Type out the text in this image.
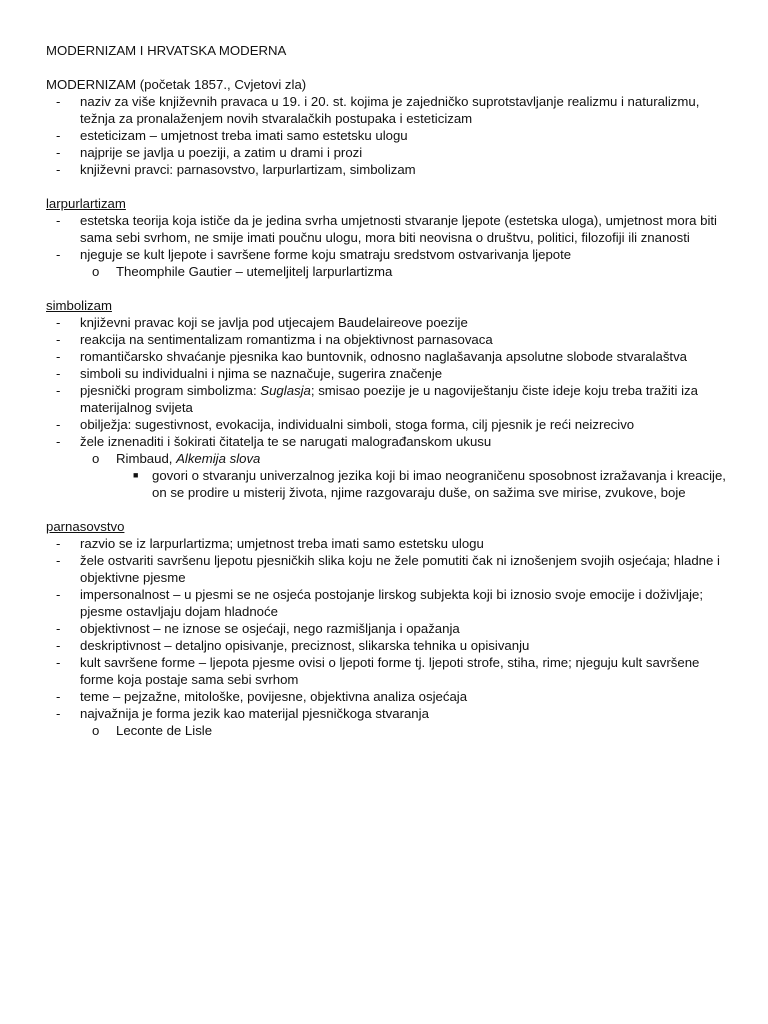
MODERNIZAM I HRVATSKA MODERNA

MODERNIZAM (početak 1857., Cvjetovi zla)

- naziv za više književnih pravaca u 19. i 20. st. kojima je zajedničko suprotstavljanje realizmu i naturalizmu, težnja za pronalaženjem novih stvaralačkih postupaka i esteticizam
- esteticizam – umjetnost treba imati samo estetsku ulogu
- najprije se javlja u poeziji, a zatim u drami i prozi
- književni pravci: parnasovstvo, larpurlartizam, simbolizam

larpurlartizam

- estetska teorija koja ističe da je jedina svrha umjetnosti stvaranje ljepote (estetska uloga), umjetnost mora biti sama sebi svrhom, ne smije imati poučnu ulogu, mora biti neovisna o društvu, politici, filozofiji ili znanosti
- njeguje se kult ljepote i savršene forme koju smatraju sredstvom ostvarivanja ljepote
o Theomphile Gautier – utemeljitelj larpurlartizma

simbolizam

- književni pravac koji se javlja pod utjecajem Baudelaireove poezije
- reakcija na sentimentalizam romantizma i na objektivnost parnasovaca
- romantičarsko shvaćanje pjesnika kao buntovnik, odnosno naglašavanja apsolutne slobode stvaralaštva
- simboli su individualni i njima se naznačuje, sugerira značenje
- pjesnički program simbolizma: Suglasja; smisao poezije je u nagoviještanju čiste ideje koju treba tražiti iza materijalnog svijeta
- obilježja: sugestivnost, evokacija, individualni simboli, stoga forma, cilj pjesnik je reći neizrecivo
- žele iznenaditi i šokirati čitatelja te se narugati malograđanskom ukusu
o Rimbaud, Alkemija slova
■ govori o stvaranju univerzalnog jezika koji bi imao neograničenu sposobnost izražavanja i kreacije, on se prodire u misterij života, njime razgovaraju duše, on sažima sve mirise, zvukove, boje

parnasovstvo

- razvio se iz larpurlartizma; umjetnost treba imati samo estetsku ulogu
- žele ostvariti savršenu ljepotu pjesničkih slika koju ne žele pomutiti čak ni iznošenjem svojih osjećaja; hladne i objektivne pjesme
- impersonalnost – u pjesmi se ne osjeća postojanje lirskog subjekta koji bi iznosio svoje emocije i doživljaje; pjesme ostavljaju dojam hladnoće
- objektivnost – ne iznose se osjećaji, nego razmišljanja i opažanja
- deskriptivnost – detaljno opisivanje, preciznost, slikarska tehnika u opisivanju
- kult savršene forme – ljepota pjesme ovisi o ljepoti forme tj. ljepoti strofe, stiha, rime; njeguju kult savršene forme koja postaje sama sebi svrhom
- teme – pejzažne, mitološke, povijesne, objektivna analiza osjećaja
- najvažnija je forma jezik kao materijal pjesničkoga stvaranja
o Leconte de Lisle
